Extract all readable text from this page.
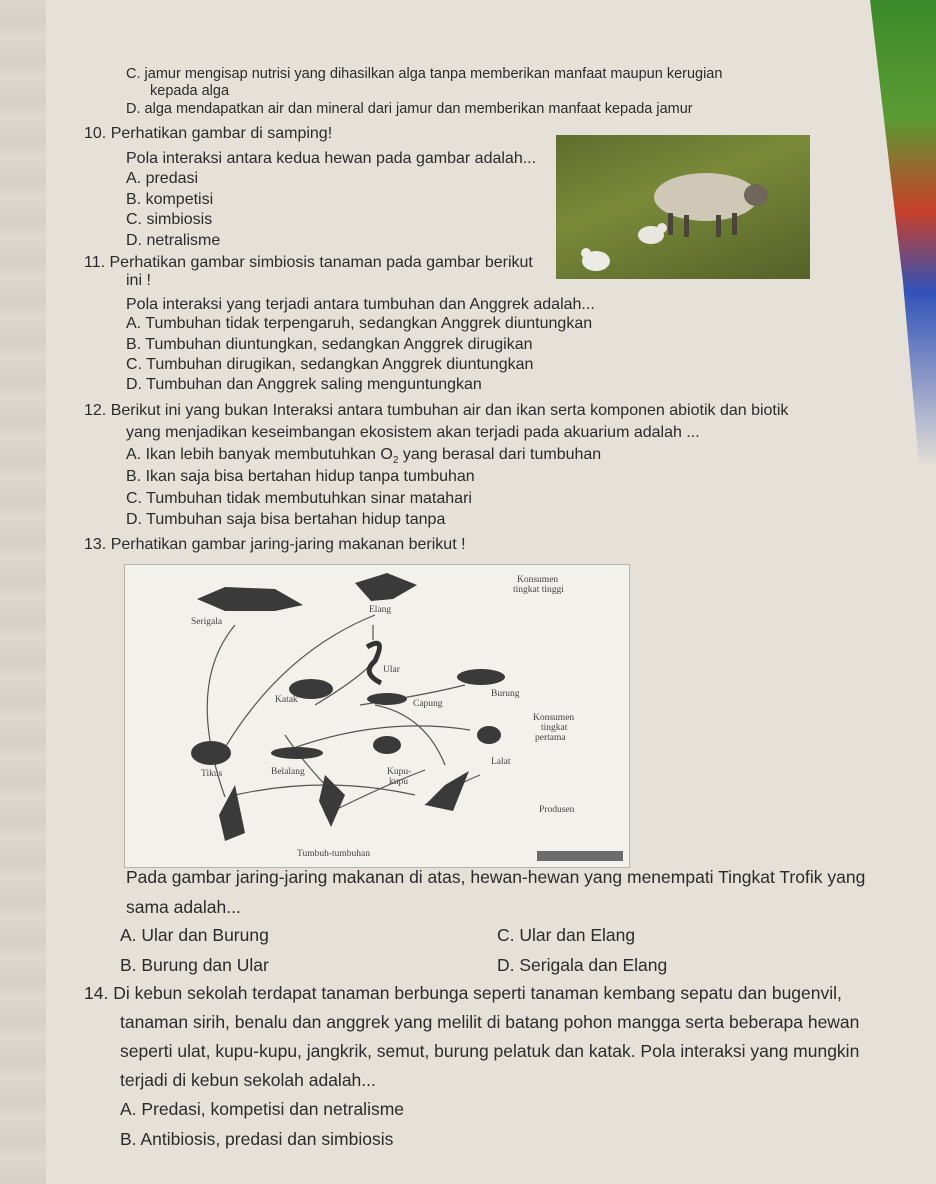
C. jamur mengisap nutrisi yang dihasilkan alga tanpa memberikan manfaat maupun kerugian
kepada alga
D. alga mendapatkan air dan mineral dari jamur dan memberikan manfaat kepada jamur
10. Perhatikan gambar di samping!
Pola interaksi antara kedua hewan pada gambar adalah...
A. predasi
B. kompetisi
C. simbiosis
D. netralisme
11. Perhatikan gambar simbiosis tanaman pada gambar berikut
ini !
Pola interaksi yang terjadi antara tumbuhan dan Anggrek adalah...
A. Tumbuhan tidak terpengaruh, sedangkan Anggrek diuntungkan
B. Tumbuhan diuntungkan, sedangkan Anggrek dirugikan
C. Tumbuhan dirugikan, sedangkan Anggrek diuntungkan
D. Tumbuhan dan Anggrek saling menguntungkan
12. Berikut ini yang bukan Interaksi antara tumbuhan air dan ikan serta komponen abiotik dan biotik
yang menjadikan keseimbangan ekosistem akan terjadi pada akuarium adalah ...
A. Ikan lebih banyak membutuhkan $O_2$ yang berasal dari tumbuhan
B. Ikan saja bisa bertahan hidup tanpa tumbuhan
C. Tumbuhan tidak membutuhkan sinar matahari
D. Tumbuhan saja bisa bertahan hidup tanpa
13. Perhatikan gambar jaring-jaring makanan berikut !
Konsumen
tingkat tinggi
Konsumen
tingkat
pertama
Produsen
Serigala
Elang
Ular
Katak	Capung
Burung
Lalat
Tikus	Belalang	Kupu-
kupu
Tumbuh-tumbuhan
Pada gambar jaring-jaring makanan di atas, hewan-hewan yang menempati Tingkat Trofik yang
sama adalah...
A. Ular dan Burung
B. Burung dan Ular
C. Ular dan Elang
D. Serigala dan Elang
14. Di kebun sekolah terdapat tanaman berbunga seperti tanaman kembang sepatu dan bugenvil,
tanaman sirih, benalu dan anggrek yang melilit di batang pohon mangga serta beberapa hewan
seperti ulat, kupu-kupu, jangkrik, semut, burung pelatuk dan katak. Pola interaksi yang mungkin
terjadi di kebun sekolah adalah...
A. Predasi, kompetisi dan netralisme
B. Antibiosis, predasi dan simbiosis
